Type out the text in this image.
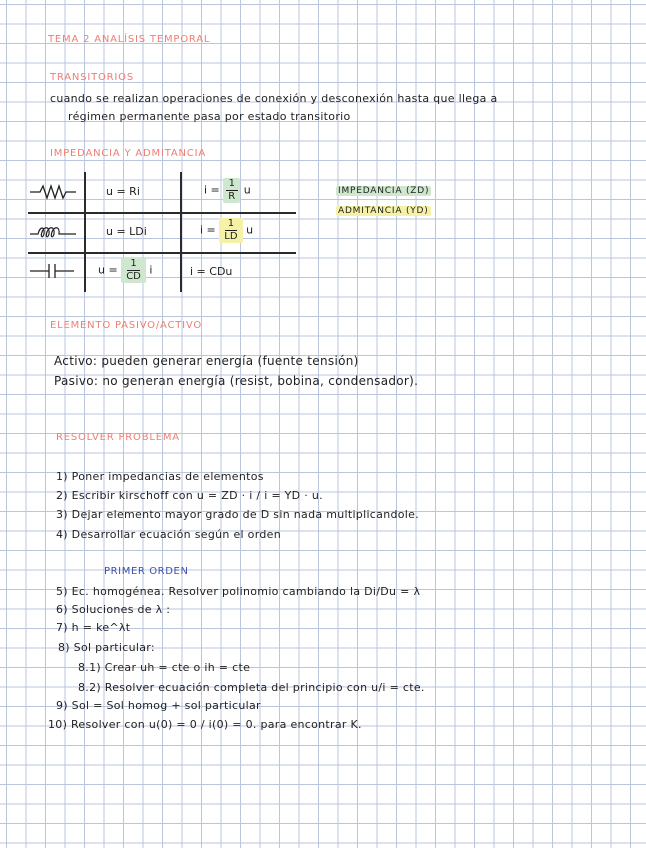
TEMA 2 ANALÍSIS TEMPORAL
TRANSITORIOS
cuando se realizan operaciones de conexión y desconexión hasta que llega a
régimen permanente pasa por estado transitorio
IMPEDANCIA Y ADMITANCIA
u = Ri	$i = \frac{1}{R}$ u
u = LDi	$i = \frac{1}{LD}$ u
$u = \frac{1}{CD}$ i	i = CDu
IMPEDANCIA (ZD)
ADMITANCIA (YD)
ELEMENTO PASIVO/ACTIVO
Activo: pueden generar energía (fuente tensión)
Pasivo: no generan energía (resist, bobina, condensador).
RESOLVER PROBLEMA
1) Poner impedancias de elementos
2) Escribir kirschoff con u = ZD · i / i = YD · u.
3) Dejar elemento mayor grado de D sin nada multiplicandole.
4) Desarrollar ecuación según el orden
PRIMER ORDEN
5) Ec. homogénea. Resolver polinomio cambiando la Di/Du = λ
6) Soluciones de λ :
7) h = ke^λt
8) Sol particular:
8.1) Crear uh = cte o ih = cte
8.2) Resolver ecuación completa del principio con u/i = cte.
9) Sol = Sol homog + sol particular
10) Resolver con u(0) = 0 / i(0) = 0. para encontrar K.
